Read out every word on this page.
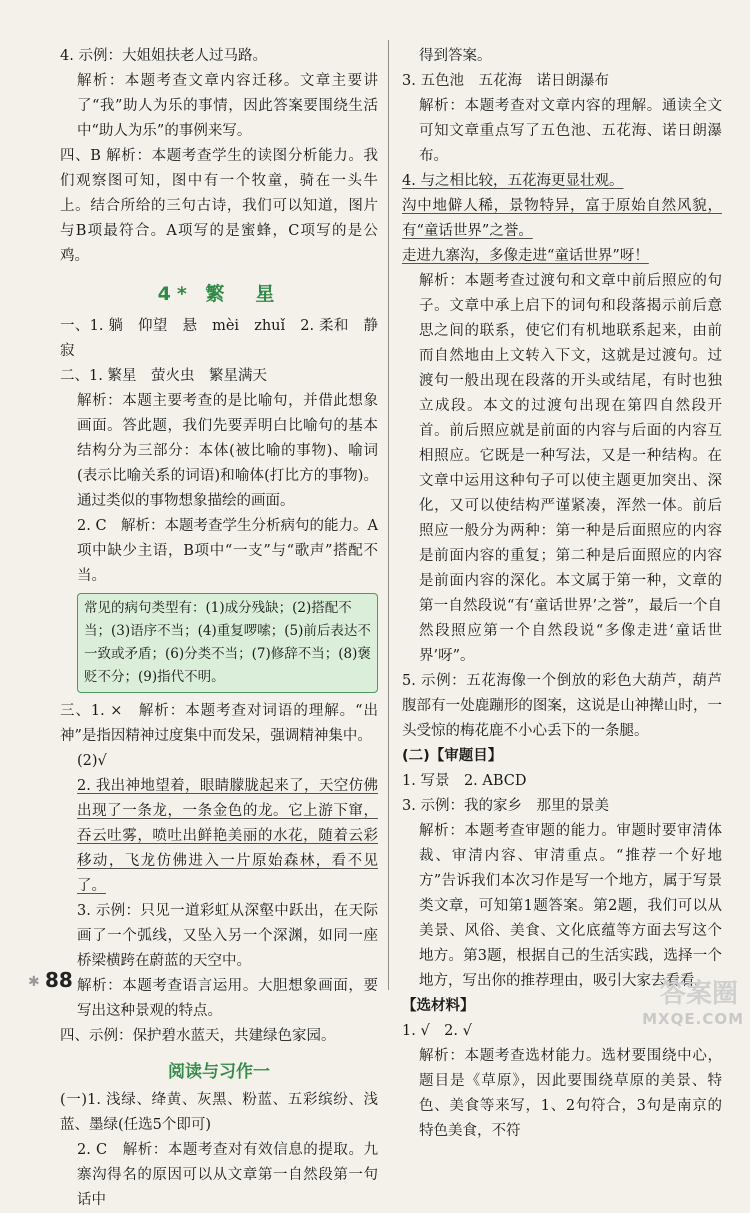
4. 示例：大姐姐扶老人过马路。
解析：本题考查文章内容迁移。文章主要讲了“我”助人为乐的事情，因此答案要围绕生活中“助人为乐”的事例来写。
四、B 解析：本题考查学生的读图分析能力。我们观察图可知，图中有一个牧童，骑在一头牛上。结合所给的三句古诗，我们可以知道，图片与B项最符合。A项写的是蜜蜂，C项写的是公鸡。
4* 繁　星
一、1. 躺　仰望　悬　mèi　zhuǐ　2. 柔和　静寂
二、1. 繁星　萤火虫　繁星满天
解析：本题主要考查的是比喻句，并借此想象画面。答此题，我们先要弄明白比喻句的基本结构分为三部分：本体(被比喻的事物)、喻词(表示比喻关系的词语)和喻体(打比方的事物)。通过类似的事物想象描绘的画面。
2. C　解析：本题考查学生分析病句的能力。A项中缺少主语，B项中“一支”与“歌声”搭配不当。
常见的病句类型有：(1)成分残缺；(2)搭配不当；(3)语序不当；(4)重复啰嗦；(5)前后表达不一致或矛盾；(6)分类不当；(7)修辞不当；(8)褒贬不分；(9)指代不明。
三、1. ×　解析：本题考查对词语的理解。“出神”是指因精神过度集中而发呆，强调精神集中。
(2)√
2. 我出神地望着，眼睛朦胧起来了，天空仿佛出现了一条龙，一条金色的龙。它上游下窜，吞云吐雾，喷吐出鲜艳美丽的水花，随着云彩移动，飞龙仿佛进入一片原始森林，看不见了。
3. 示例：只见一道彩虹从深壑中跃出，在天际画了一个弧线，又坠入另一个深渊，如同一座桥梁横跨在蔚蓝的天空中。
解析：本题考查语言运用。大胆想象画面，要写出这种景观的特点。
四、示例：保护碧水蓝天，共建绿色家园。
阅读与习作一
(一)1. 浅绿、绛黄、灰黑、粉蓝、五彩缤纷、浅蓝、墨绿(任选5个即可)
2. C　解析：本题考查对有效信息的提取。九寨沟得名的原因可以从文章第一自然段第一句话中
得到答案。
3. 五色池　五花海　诺日朗瀑布
解析：本题考查对文章内容的理解。通读全文可知文章重点写了五色池、五花海、诺日朗瀑布。
4. 与之相比较，五花海更显壮观。
沟中地僻人稀，景物特异，富于原始自然风貌，有“童话世界”之誉。
走进九寨沟，多像走进“童话世界”呀！
解析：本题考查过渡句和文章中前后照应的句子。文章中承上启下的词句和段落揭示前后意思之间的联系，使它们有机地联系起来，由前而自然地由上文转入下文，这就是过渡句。过渡句一般出现在段落的开头或结尾，有时也独立成段。本文的过渡句出现在第四自然段开首。前后照应就是前面的内容与后面的内容互相照应。它既是一种写法，又是一种结构。在文章中运用这种句子可以使主题更加突出、深化，又可以使结构严谨紧凑，浑然一体。前后照应一般分为两种：第一种是后面照应的内容是前面内容的重复；第二种是后面照应的内容是前面内容的深化。本文属于第一种，文章的第一自然段说“有‘童话世界’之誉”，最后一个自然段照应第一个自然段说“多像走进‘童话世界’呀”。
5. 示例：五花海像一个倒放的彩色大葫芦，葫芦腹部有一处鹿蹦形的图案，这说是山神撵山时，一头受惊的梅花鹿不小心丢下的一条腿。
(二)【审题目】
1. 写景　2. ABCD
3. 示例：我的家乡　那里的景美
解析：本题考查审题的能力。审题时要审清体裁、审清内容、审清重点。“推荐一个好地方”告诉我们本次习作是写一个地方，属于写景类文章，可知第1题答案。第2题，我们可以从美景、风俗、美食、文化底蕴等方面去写这个地方。第3题，根据自己的生活实践，选择一个地方，写出你的推荐理由，吸引大家去看看。
【选材料】
1. √　2. √
解析：本题考查选材能力。选材要围绕中心，题目是《草原》，因此要围绕草原的美景、特色、美食等来写，1、2句符合，3句是南京的特色美食，不符
✱ 88	答案圈
MXQE.COM
